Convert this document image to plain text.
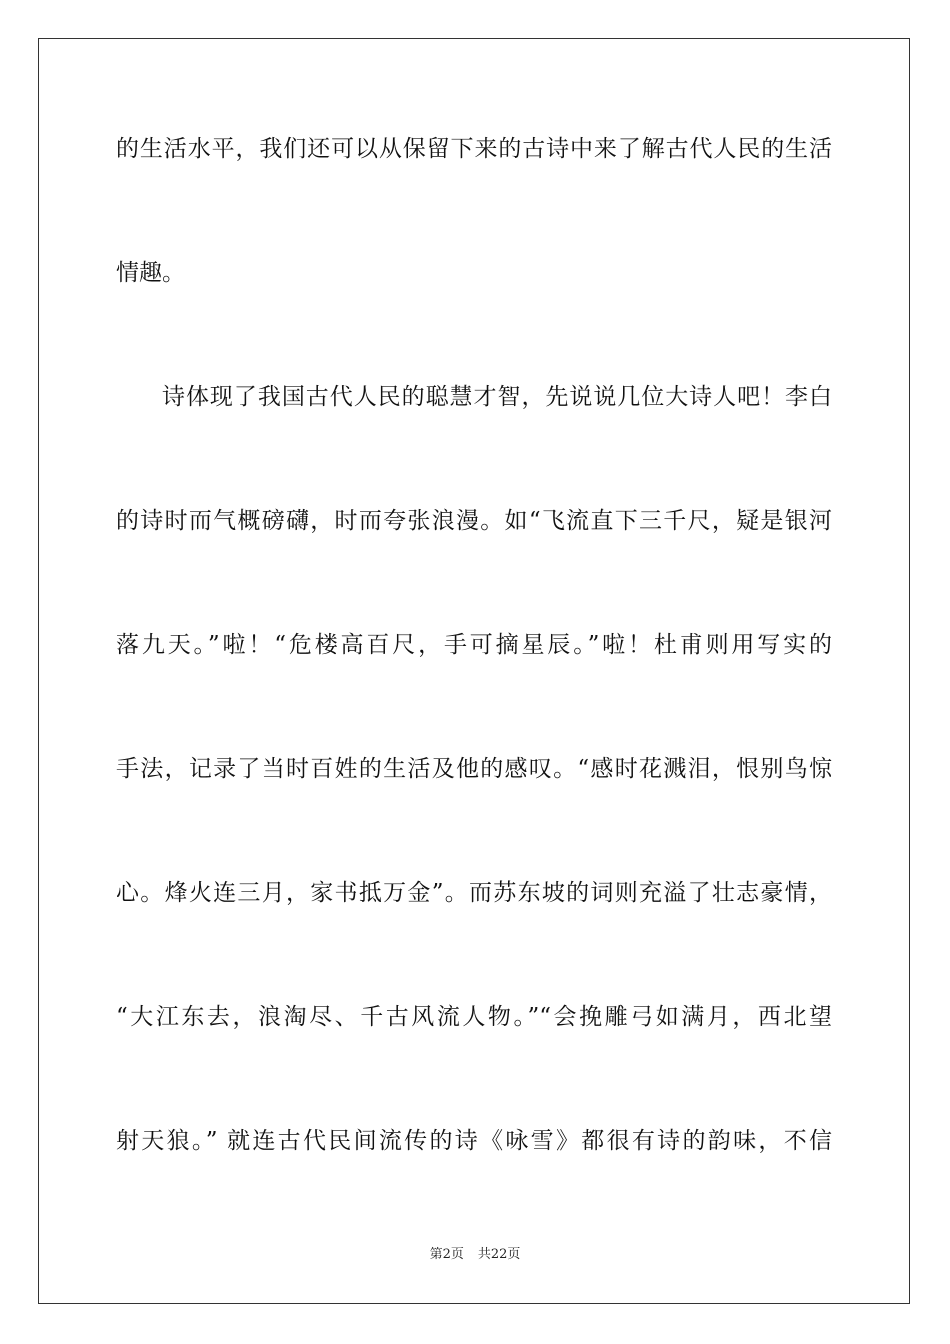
的生活水平，我们还可以从保留下来的古诗中来了解古代人民的生活
情趣。
诗体现了我国古代人民的聪慧才智，先说说几位大诗人吧！李白
的诗时而气概磅礴，时而夸张浪漫。如“飞流直下三千尺，疑是银河
落九天。”啦！“危楼高百尺，手可摘星辰。”啦！杜甫则用写实的
手法，记录了当时百姓的生活及他的感叹。“感时花溅泪，恨别鸟惊
心。烽火连三月，家书抵万金”。而苏东坡的词则充溢了壮志豪情，
“大江东去，浪淘尽、千古风流人物。”“会挽雕弓如满月，西北望
射天狼。” 就连古代民间流传的诗《咏雪》都很有诗的韵味，不信
第2页 共22页
